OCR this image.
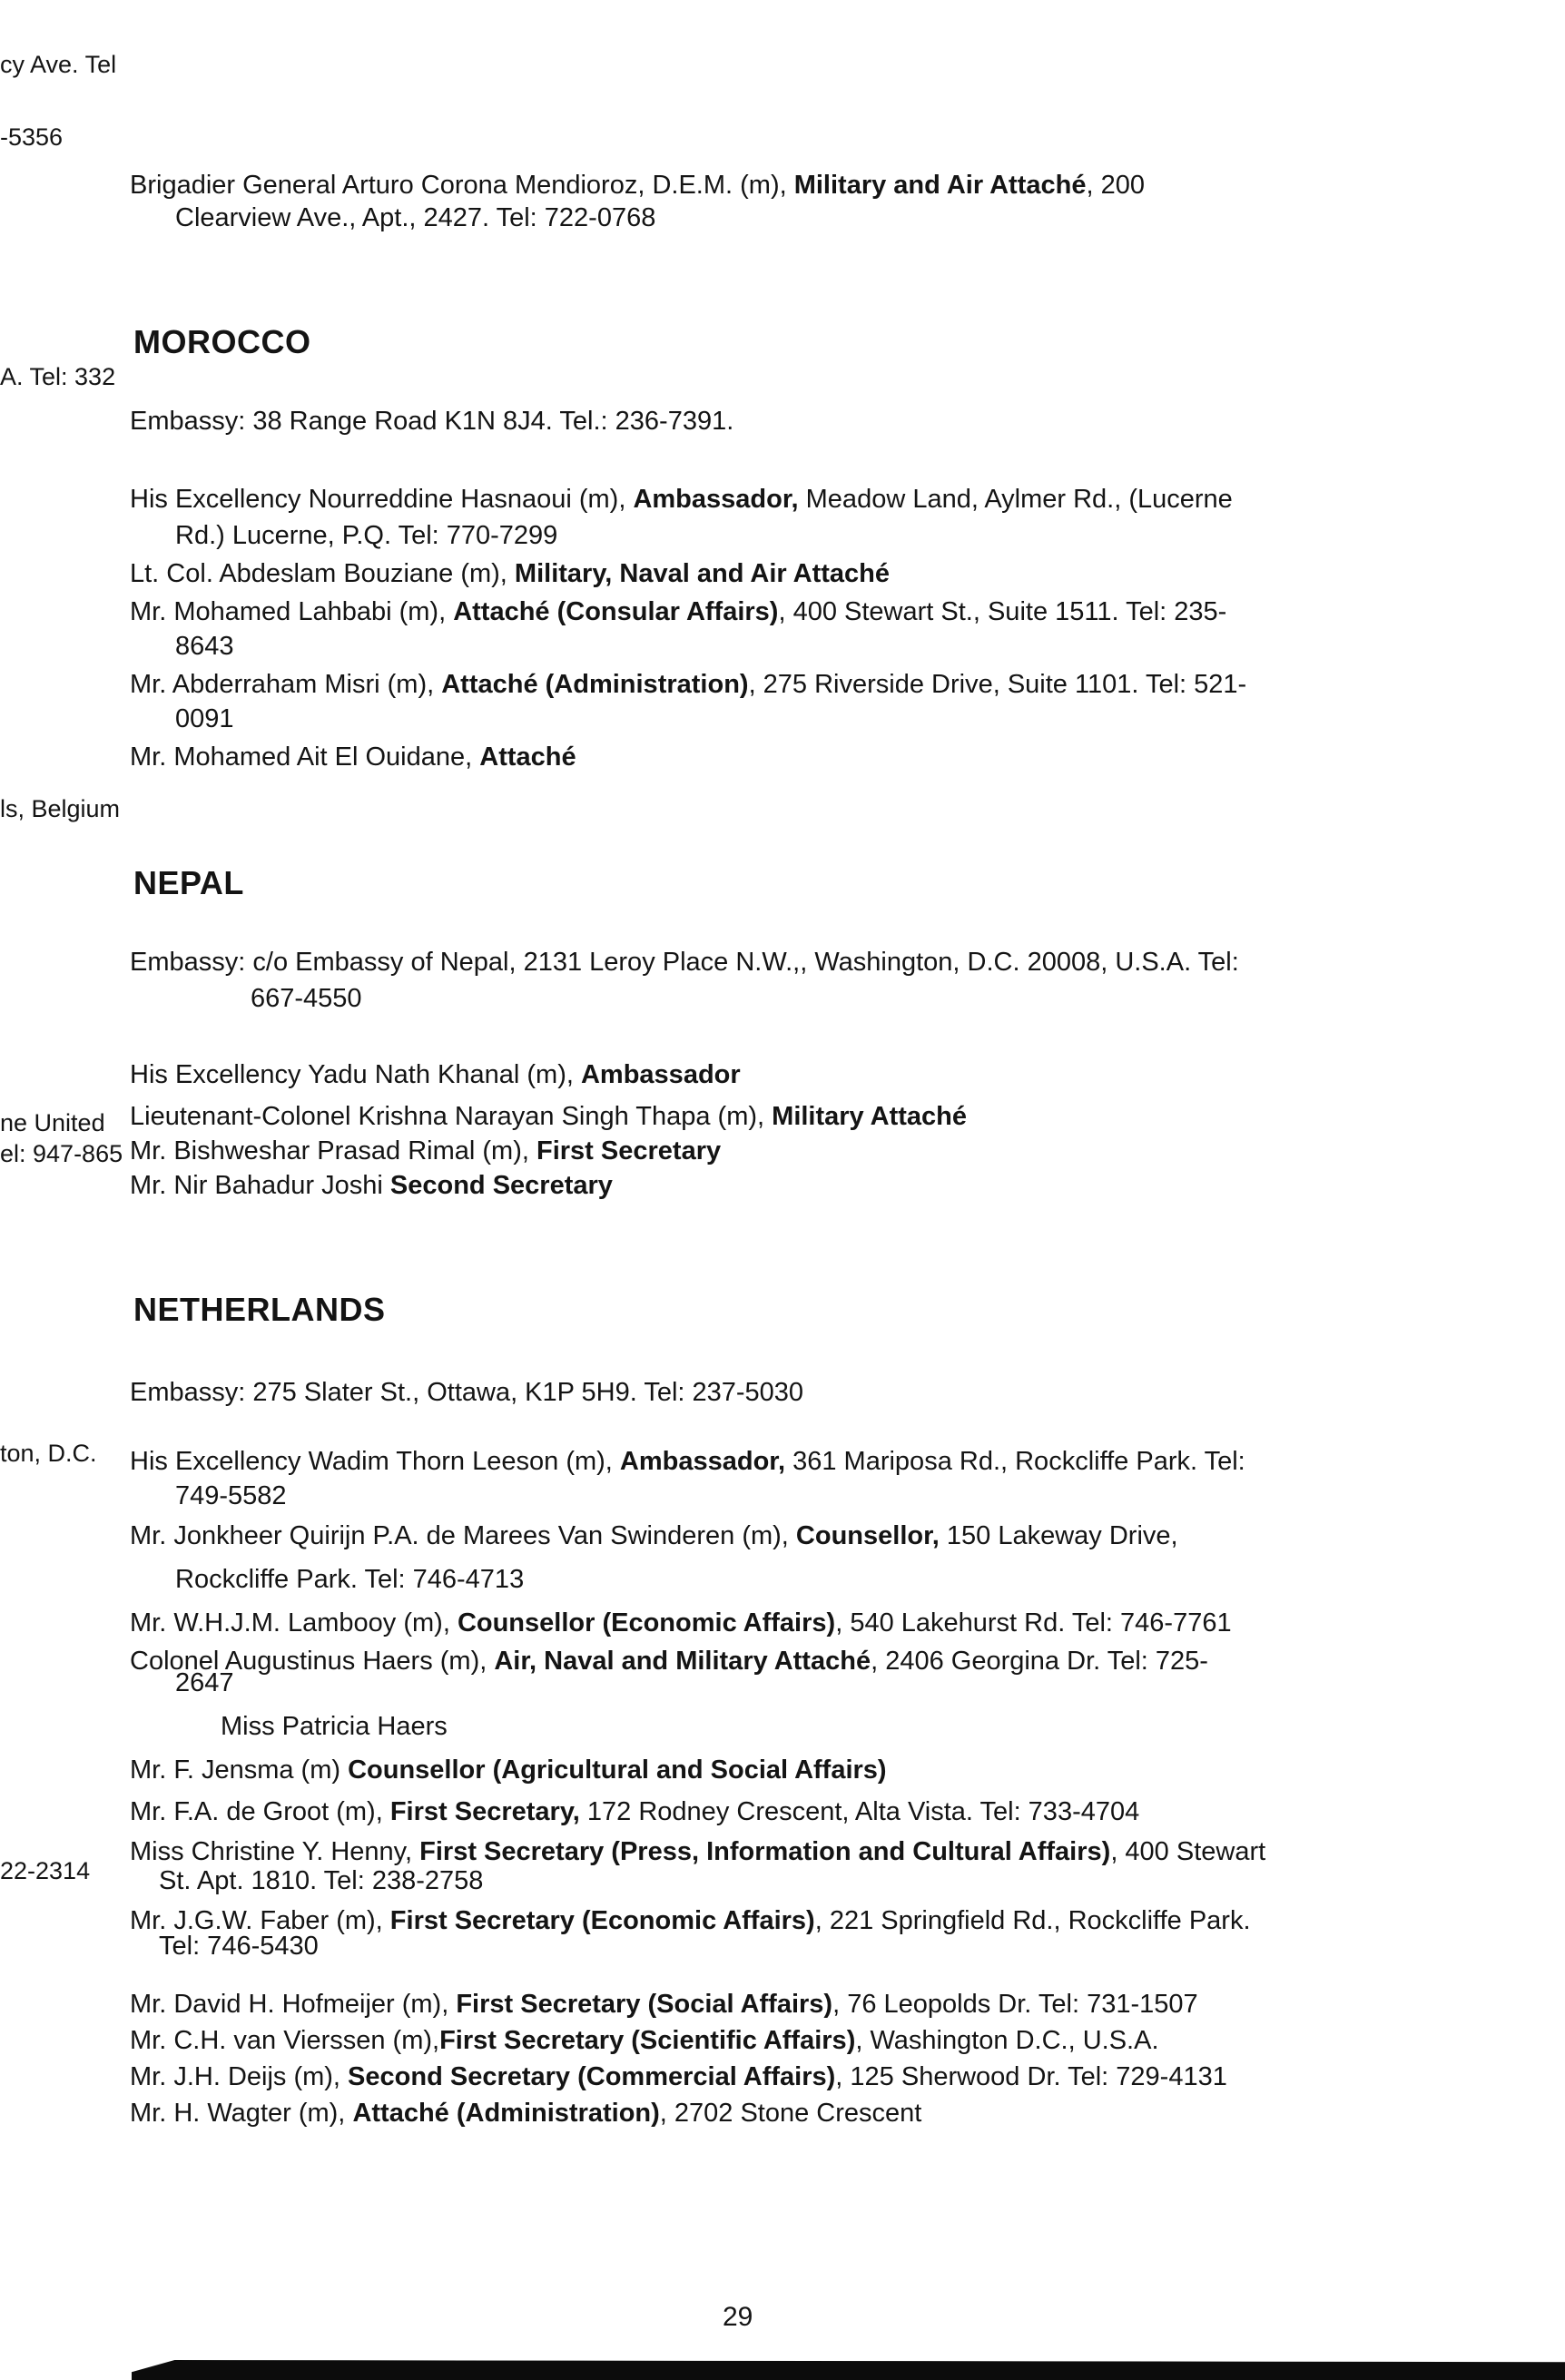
cy Ave. Tel
-5356
A. Tel: 332
ls, Belgium
ne United
el: 947-865
ton, D.C.
22-2314
Brigadier General Arturo Corona Mendioroz, D.E.M. (m), Military and Air Attaché, 200
Clearview Ave., Apt., 2427. Tel: 722-0768
MOROCCO
Embassy: 38 Range Road K1N 8J4. Tel.: 236-7391.
His Excellency Nourreddine Hasnaoui (m), Ambassador, Meadow Land, Aylmer Rd., (Lucerne
Rd.) Lucerne, P.Q. Tel: 770-7299
Lt. Col. Abdeslam Bouziane (m), Military, Naval and Air Attaché
Mr. Mohamed Lahbabi (m), Attaché (Consular Affairs), 400 Stewart St., Suite 1511. Tel: 235-
8643
Mr. Abderraham Misri (m), Attaché (Administration), 275 Riverside Drive, Suite 1101. Tel: 521-
0091
Mr. Mohamed Ait El Ouidane, Attaché
NEPAL
Embassy: c/o Embassy of Nepal, 2131 Leroy Place N.W.,, Washington, D.C. 20008, U.S.A. Tel:
667-4550
His Excellency Yadu Nath Khanal (m), Ambassador
Lieutenant-Colonel Krishna Narayan Singh Thapa (m), Military Attaché
Mr. Bishweshar Prasad Rimal (m), First Secretary
Mr. Nir Bahadur Joshi Second Secretary
NETHERLANDS
Embassy: 275 Slater St., Ottawa, K1P 5H9. Tel: 237-5030
His Excellency Wadim Thorn Leeson (m), Ambassador, 361 Mariposa Rd., Rockcliffe Park. Tel:
749-5582
Mr. Jonkheer Quirijn P.A. de Marees Van Swinderen (m), Counsellor, 150 Lakeway Drive,
Rockcliffe Park. Tel: 746-4713
Mr. W.H.J.M. Lambooy (m), Counsellor (Economic Affairs), 540 Lakehurst Rd. Tel: 746-7761
Colonel Augustinus Haers (m), Air, Naval and Military Attaché, 2406 Georgina Dr. Tel: 725-
2647
Miss Patricia Haers
Mr. F. Jensma (m) Counsellor (Agricultural and Social Affairs)
Mr. F.A. de Groot (m), First Secretary, 172 Rodney Crescent, Alta Vista. Tel: 733-4704
Miss Christine Y. Henny, First Secretary (Press, Information and Cultural Affairs), 400 Stewart
St. Apt. 1810. Tel: 238-2758
Mr. J.G.W. Faber (m), First Secretary (Economic Affairs), 221 Springfield Rd., Rockcliffe Park.
Tel: 746-5430
Mr. David H. Hofmeijer (m), First Secretary (Social Affairs), 76 Leopolds Dr. Tel: 731-1507
Mr. C.H. van Vierssen (m),First Secretary (Scientific Affairs), Washington D.C., U.S.A.
Mr. J.H. Deijs (m), Second Secretary (Commercial Affairs), 125 Sherwood Dr. Tel: 729-4131
Mr. H. Wagter (m), Attaché (Administration), 2702 Stone Crescent
29
